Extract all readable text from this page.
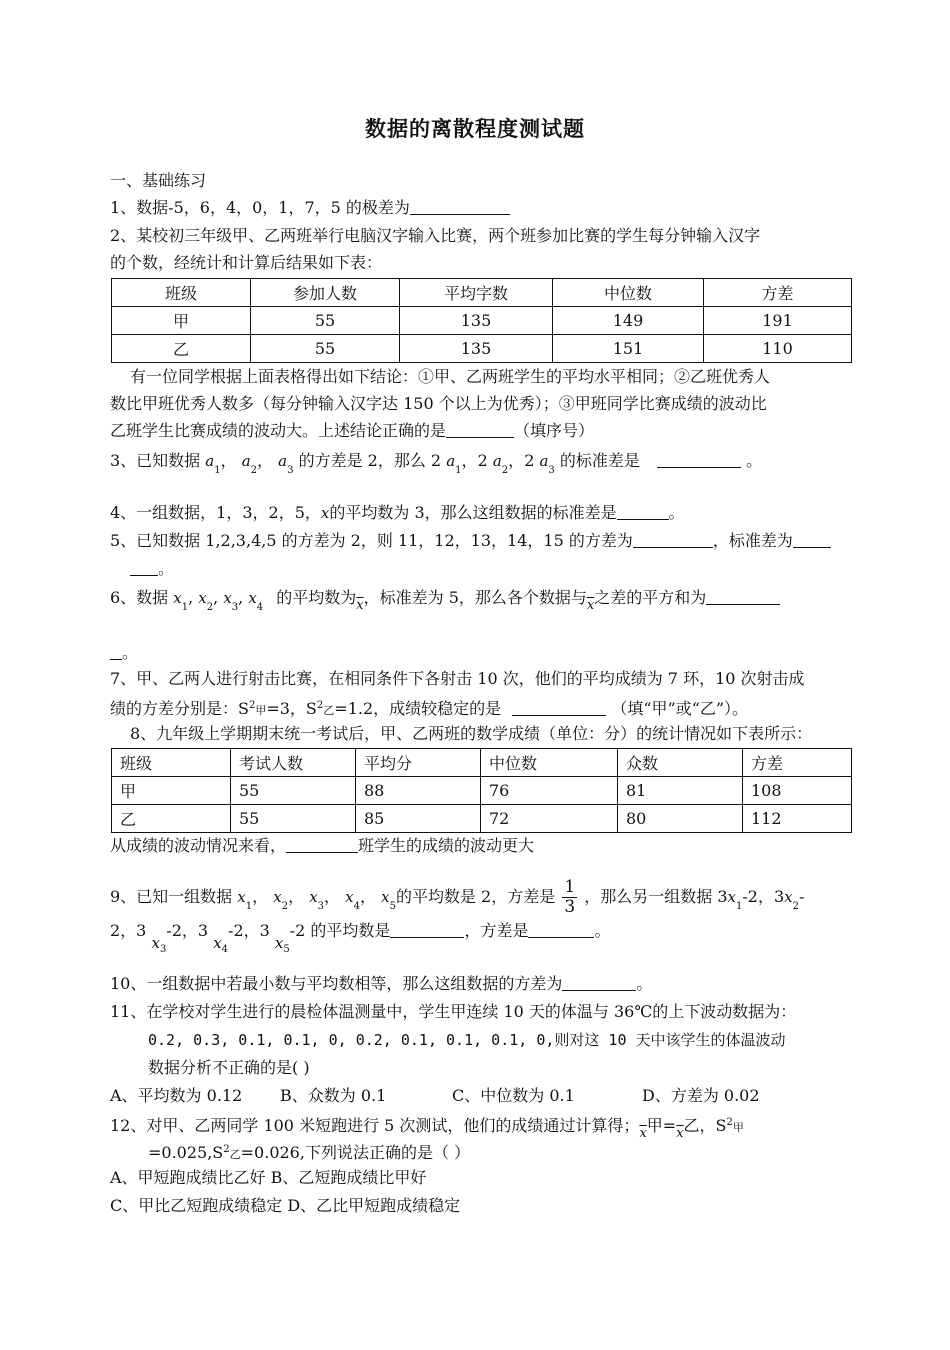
数据的离散程度测试题
一、基础练习
1、数据-5，6，4，0，1，7，5 的极差为
2、某校初三年级甲、乙两班举行电脑汉字输入比赛，两个班参加比赛的学生每分钟输入汉字
的个数，经统计和计算后结果如下表：
班级	参加人数	平均字数	中位数	方差
甲	55	135	149	191
乙	55	135	151	110
有一位同学根据上面表格得出如下结论：①甲、乙两班学生的平均水平相同；②乙班优秀人
数比甲班优秀人数多（每分钟输入汉字达 150 个以上为优秀）；③甲班同学比赛成绩的波动比
乙班学生比赛成绩的波动大。上述结论正确的是	（填序号）
3、已知数据 $a_1$， $a_2$， $a_3$ 的方差是 2，那么 2 $a_1$，2 $a_2$，2 $a_3$ 的标准差是	。
4、一组数据，1，3，2，5，x的平均数为 3，那么这组数据的标准差是	。
5、已知数据 1,2,3,4,5 的方差为 2，则 11，12，13，14，15 的方差为	，标准差为
。
6、数据 $x_1$, $x_2$, $x_3$, $x_4$ 的平均数为$_{\overline{x}}$，标准差为 5，那么各个数据与$_{\overline{x}}$之差的平方和为
。
7、甲、乙两人进行射击比赛，在相同条件下各射击 10 次，他们的平均成绩为 7 环，10 次射击成
绩的方差分别是：$S^2$甲=3，$S^2$乙=1.2，成绩较稳定的是	（填“甲”或“乙”）。
8、九年级上学期期末统一考试后，甲、乙两班的数学成绩（单位：分）的统计情况如下表所示：
班级	考试人数	平均分	中位数	众数	方差
甲	55	88	76	81	108
乙	55	85	72	80	112
从成绩的波动情况来看，	班学生的成绩的波动更大
9、已知一组数据 $x_1$， $x_2$， $x_3$， $x_4$， $x_5$的平均数是 2，方差是 $\frac{1}{3}$ ，那么另一组数据 $3x_1-2$，$3x_2-$
2，3 $x_3-2$，3 $x_4-2$，3 $x_5-2$ 的平均数是	，方差是	。
10、一组数据中若最小数与平均数相等，那么这组数据的方差为	。
11、在学校对学生进行的晨检体温测量中，学生甲连续 10 天的体温与 36℃的上下波动数据为：
0.2, 0.3, 0.1, 0.1, 0, 0.2, 0.1, 0.1, 0.1, 0,则对这 10 天中该学生的体温波动
数据分析不正确的是( )
A、平均数为 0.12 B、众数为 0.1	C、中位数为 0.1	D、方差为 0.02
12、对甲、乙两同学 100 米短跑进行 5 次测试，他们的成绩通过计算得；$_{\overline{x}}$甲$=_{\overline{x}}$乙，$S^2$甲
$=0.025,S^2$乙=0.026,下列说法正确的是（ ）
A、甲短跑成绩比乙好 B、乙短跑成绩比甲好
C、甲比乙短跑成绩稳定 D、乙比甲短跑成绩稳定
